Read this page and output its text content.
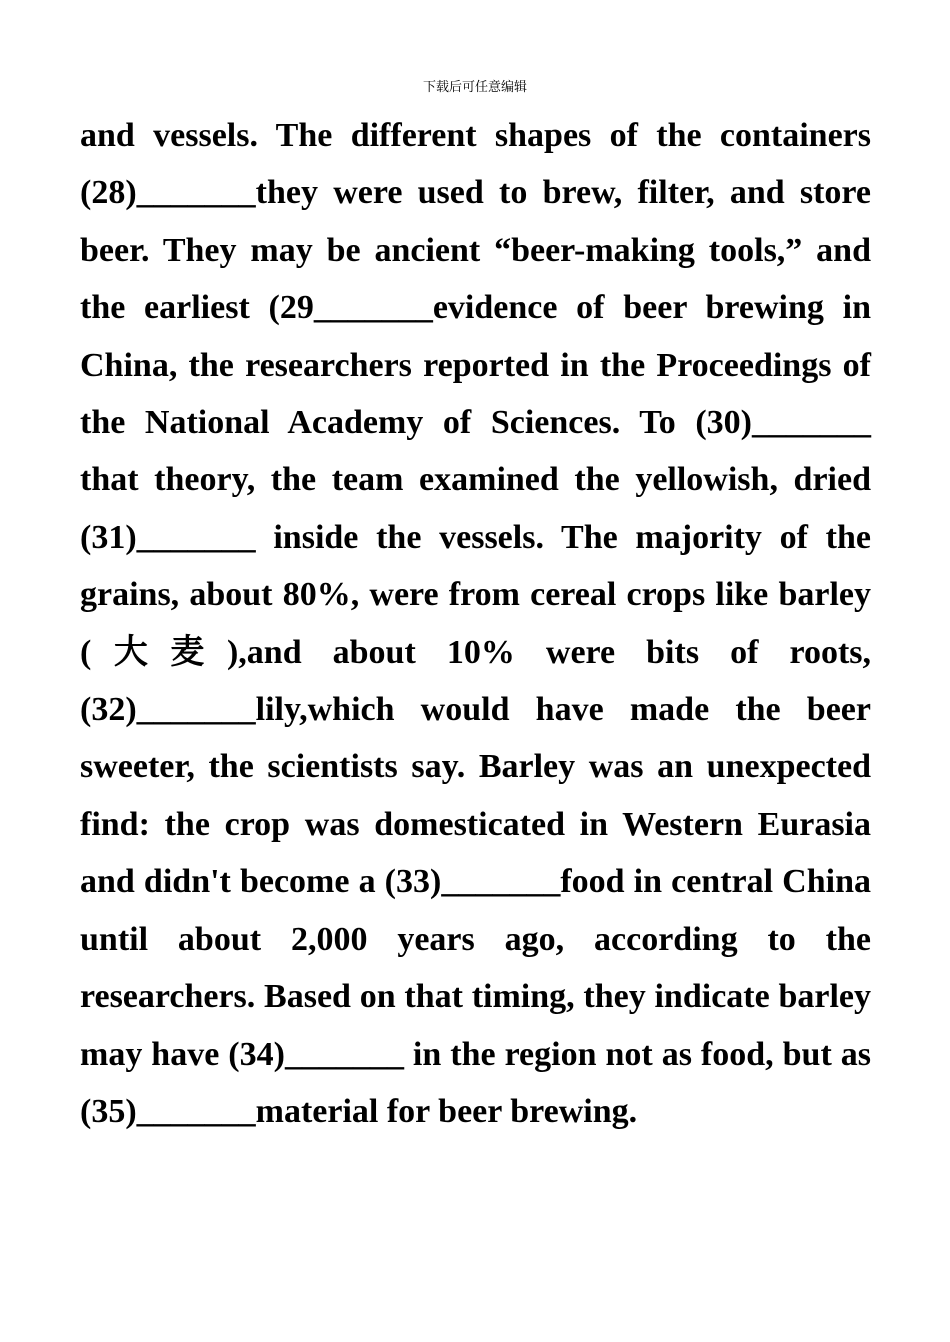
下载后可任意编辑

and vessels. The different shapes of the containers (28)_______they were used to brew, filter, and store beer. They may be ancient “beer-making tools,” and the earliest (29_______evidence of beer brewing in China, the researchers reported in the Proceedings of the National Academy of Sciences. To (30)_______ that theory, the team examined the yellowish, dried (31)_______ inside the vessels. The majority of the grains, about 80%, were from cereal crops like barley (大麦),and about 10% were bits of roots, (32)_______lily,which would have made the beer sweeter, the scientists say. Barley was an unexpected find: the crop was domesticated in Western Eurasia and didn't become a (33)_______food in central China until about 2,000 years ago, according to the researchers. Based on that timing, they indicate barley may have (34)_______ in the region not as food, but as (35)_______material for beer brewing.
